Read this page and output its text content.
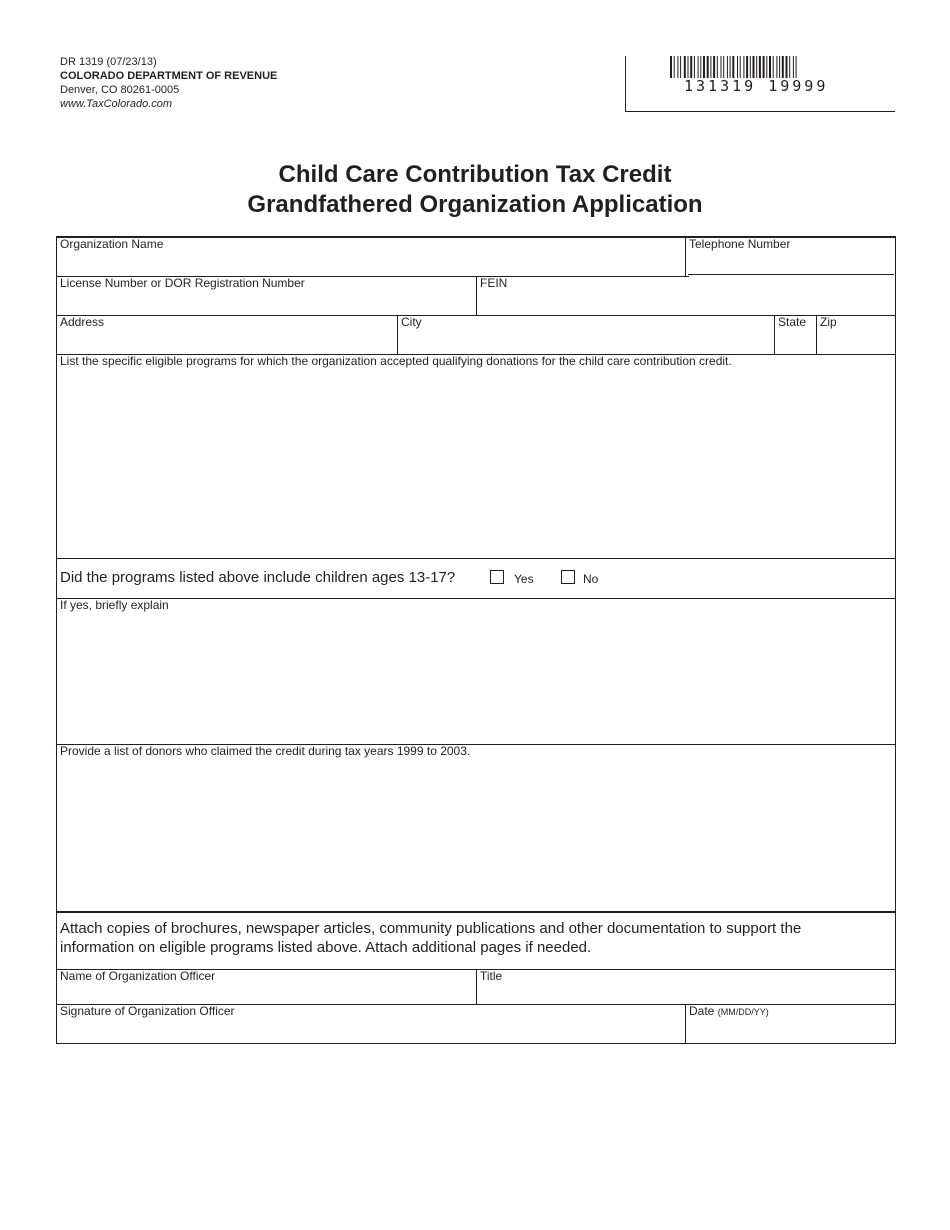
DR 1319 (07/23/13)
COLORADO DEPARTMENT OF REVENUE
Denver, CO 80261-0005
www.TaxColorado.com
131319 19999
Child Care Contribution Tax Credit
Grandfathered Organization Application
Organization Name	Telephone Number
License Number or DOR Registration Number	FEIN
Address	City	State Zip
List the specific eligible programs for which the organization accepted qualifying donations for the child care contribution credit.
Did the programs listed above include children ages 13-17?	Yes	No
If yes, briefly explain
Provide a list of donors who claimed the credit during tax years 1999 to 2003.
Attach copies of brochures, newspaper articles, community publications and other documentation to support the information on eligible programs listed above. Attach additional pages if needed.
Name of Organization Officer	Title
Signature of Organization Officer	Date (MM/DD/YY)
